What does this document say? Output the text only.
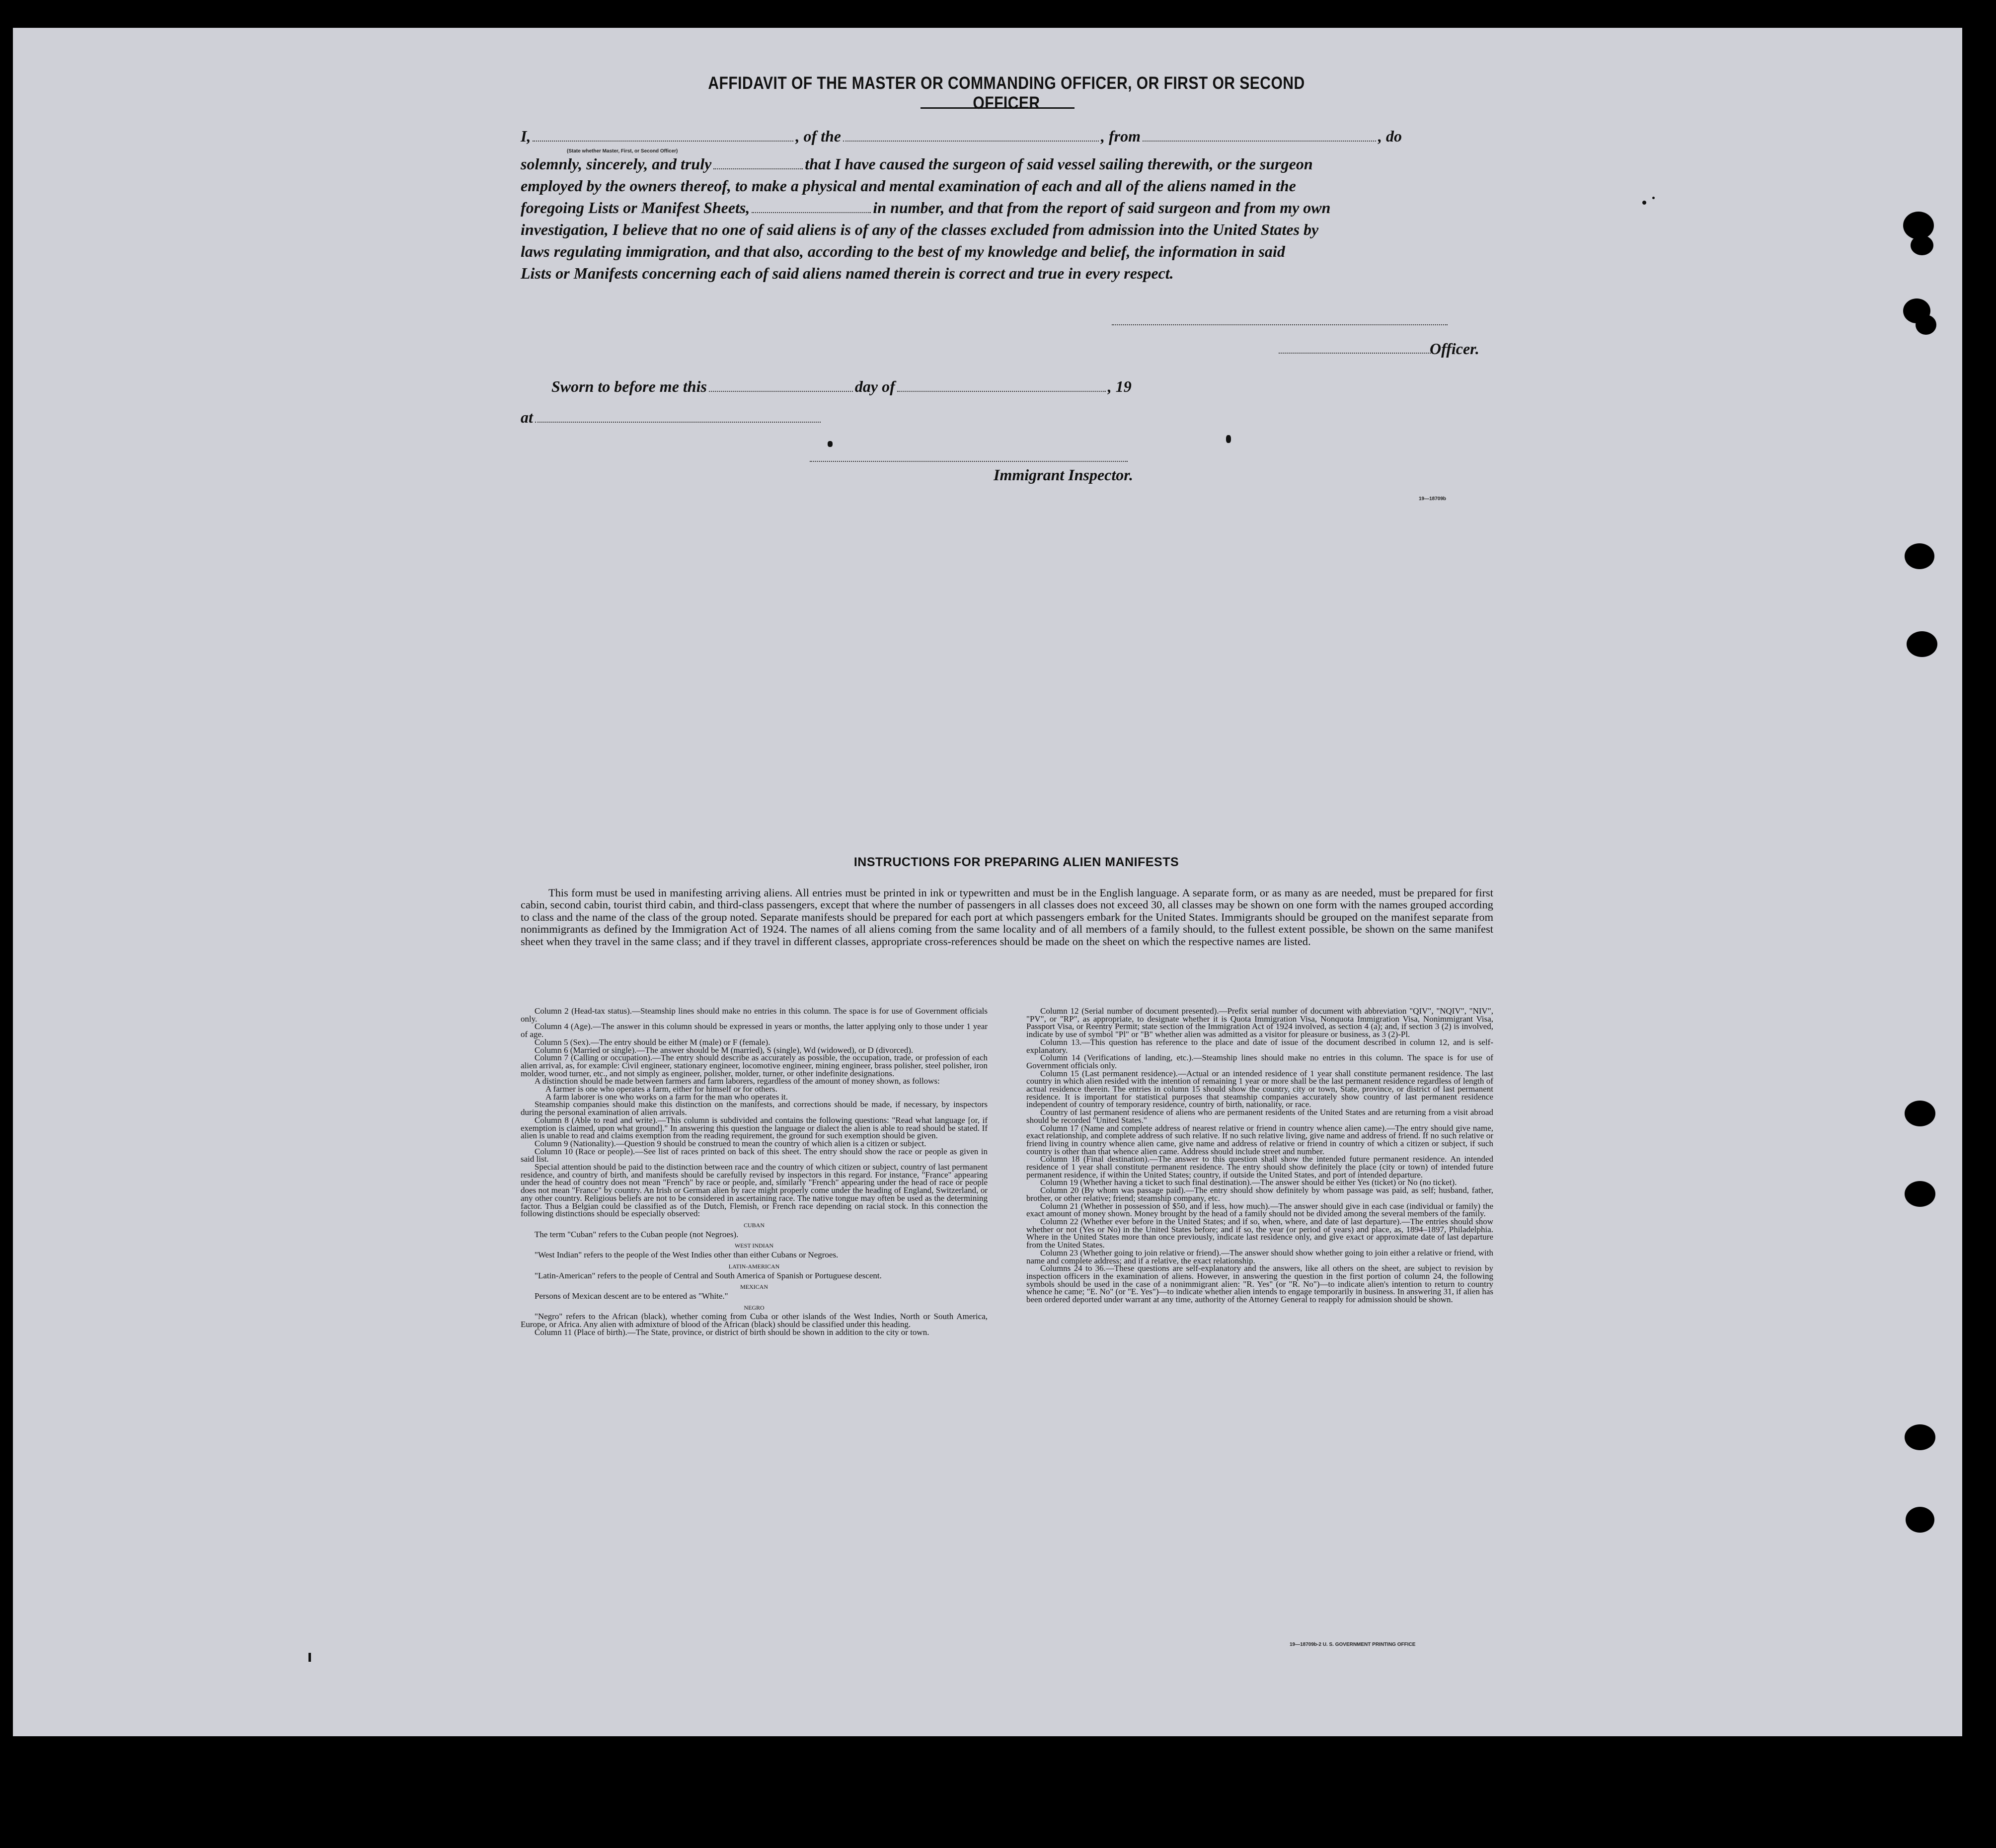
AFFIDAVIT OF THE MASTER OR COMMANDING OFFICER, OR FIRST OR SECOND OFFICER
I,	, of the	, from	, do
(State whether Master, First, or Second Officer)
solemnly, sincerely, and truly	that I have caused the surgeon of said vessel sailing therewith, or the surgeon
employed by the owners thereof, to make a physical and mental examination of each and all of the aliens named in the
foregoing Lists or Manifest Sheets,	in number, and that from the report of said surgeon and from my own
investigation, I believe that no one of said aliens is of any of the classes excluded from admission into the United States by
laws regulating immigration, and that also, according to the best of my knowledge and belief, the information in said
Lists or Manifests concerning each of said aliens named therein is correct and true in every respect.
Officer.
Sworn to before me this	day of	, 19
at
Immigrant Inspector.
19—18709b
INSTRUCTIONS FOR PREPARING ALIEN MANIFESTS
This form must be used in manifesting arriving aliens. All entries must be printed in ink or typewritten and must be in the English language. A separate form, or as many as are needed, must be prepared for first cabin, second cabin, tourist third cabin, and third-class passengers, except that where the number of passengers in all classes does not exceed 30, all classes may be shown on one form with the names grouped according to class and the name of the class of the group noted. Separate manifests should be prepared for each port at which passengers embark for the United States. Immigrants should be grouped on the manifest separate from nonimmigrants as defined by the Immigration Act of 1924. The names of all aliens coming from the same locality and of all members of a family should, to the fullest extent possible, be shown on the same manifest sheet when they travel in the same class; and if they travel in different classes, appropriate cross-references should be made on the sheet on which the respective names are listed.

Column 2 (Head-tax status).—Steamship lines should make no entries in this column. The space is for use of Government officials only.

Column 4 (Age).—The answer in this column should be expressed in years or months, the latter applying only to those under 1 year of age.

Column 5 (Sex).—The entry should be either M (male) or F (female).

Column 6 (Married or single).—The answer should be M (married), S (single), Wd (widowed), or D (divorced).

Column 7 (Calling or occupation).—The entry should describe as accurately as possible, the occupation, trade, or profession of each alien arrival, as, for example: Civil engineer, stationary engineer, locomotive engineer, mining engineer, brass polisher, steel polisher, iron molder, wood turner, etc., and not simply as engineer, polisher, molder, turner, or other indefinite designations.

A distinction should be made between farmers and farm laborers, regardless of the amount of money shown, as follows:

A farmer is one who operates a farm, either for himself or for others.

A farm laborer is one who works on a farm for the man who operates it.

Steamship companies should make this distinction on the manifests, and corrections should be made, if necessary, by inspectors during the personal examination of alien arrivals.

Column 8 (Able to read and write).—This column is subdivided and contains the following questions: "Read what language [or, if exemption is claimed, upon what ground]." In answering this question the language or dialect the alien is able to read should be stated. If alien is unable to read and claims exemption from the reading requirement, the ground for such exemption should be given.

Column 9 (Nationality).—Question 9 should be construed to mean the country of which alien is a citizen or subject.

Column 10 (Race or people).—See list of races printed on back of this sheet. The entry should show the race or people as given in said list.

Special attention should be paid to the distinction between race and the country of which citizen or subject, country of last permanent residence, and country of birth, and manifests should be carefully revised by inspectors in this regard. For instance, "France" appearing under the head of country does not mean "French" by race or people, and, similarly "French" appearing under the head of race or people does not mean "France" by country. An Irish or German alien by race might properly come under the heading of England, Switzerland, or any other country. Religious beliefs are not to be considered in ascertaining race. The native tongue may often be used as the determining factor. Thus a Belgian could be classified as of the Dutch, Flemish, or French race depending on racial stock. In this connection the following distinctions should be especially observed:

CUBAN

The term "Cuban" refers to the Cuban people (not Negroes).

WEST INDIAN

"West Indian" refers to the people of the West Indies other than either Cubans or Negroes.

LATIN-AMERICAN

"Latin-American" refers to the people of Central and South America of Spanish or Portuguese descent.

MEXICAN

Persons of Mexican descent are to be entered as "White."

NEGRO

"Negro" refers to the African (black), whether coming from Cuba or other islands of the West Indies, North or South America, Europe, or Africa. Any alien with admixture of blood of the African (black) should be classified under this heading.

Column 11 (Place of birth).—The State, province, or district of birth should be shown in addition to the city or town.

Column 12 (Serial number of document presented).—Prefix serial number of document with abbreviation "QIV", "NQIV", "NIV", "PV", or "RP", as appropriate, to designate whether it is Quota Immigration Visa, Nonquota Immigration Visa, Nonimmigrant Visa, Passport Visa, or Reentry Permit; state section of the Immigration Act of 1924 involved, as section 4 (a); and, if section 3 (2) is involved, indicate by use of symbol "Pl" or "B" whether alien was admitted as a visitor for pleasure or business, as 3 (2)-Pl.

Column 13.—This question has reference to the place and date of issue of the document described in column 12, and is self-explanatory.

Column 14 (Verifications of landing, etc.).—Steamship lines should make no entries in this column. The space is for use of Government officials only.

Column 15 (Last permanent residence).—Actual or an intended residence of 1 year shall constitute permanent residence. The last country in which alien resided with the intention of remaining 1 year or more shall be the last permanent residence regardless of length of actual residence therein. The entries in column 15 should show the country, city or town, State, province, or district of last permanent residence. It is important for statistical purposes that steamship companies accurately show country of last permanent residence independent of country of temporary residence, country of birth, nationality, or race.

Country of last permanent residence of aliens who are permanent residents of the United States and are returning from a visit abroad should be recorded "United States."

Column 17 (Name and complete address of nearest relative or friend in country whence alien came).—The entry should give name, exact relationship, and complete address of such relative. If no such relative living, give name and address of friend. If no such relative or friend living in country whence alien came, give name and address of relative or friend in country of which a citizen or subject, if such country is other than that whence alien came. Address should include street and number.

Column 18 (Final destination).—The answer to this question shall show the intended future permanent residence. An intended residence of 1 year shall constitute permanent residence. The entry should show definitely the place (city or town) of intended future permanent residence, if within the United States; country, if outside the United States, and port of intended departure.

Column 19 (Whether having a ticket to such final destination).—The answer should be either Yes (ticket) or No (no ticket).

Column 20 (By whom was passage paid).—The entry should show definitely by whom passage was paid, as self; husband, father, brother, or other relative; friend; steamship company, etc.

Column 21 (Whether in possession of $50, and if less, how much).—The answer should give in each case (individual or family) the exact amount of money shown. Money brought by the head of a family should not be divided among the several members of the family.

Column 22 (Whether ever before in the United States; and if so, when, where, and date of last departure).—The entries should show whether or not (Yes or No) in the United States before; and if so, the year (or period of years) and place, as, 1894–1897, Philadelphia. Where in the United States more than once previously, indicate last residence only, and give exact or approximate date of last departure from the United States.

Column 23 (Whether going to join relative or friend).—The answer should show whether going to join either a relative or friend, with name and complete address; and if a relative, the exact relationship.

Columns 24 to 36.—These questions are self-explanatory and the answers, like all others on the sheet, are subject to revision by inspection officers in the examination of aliens. However, in answering the question in the first portion of column 24, the following symbols should be used in the case of a nonimmigrant alien: "R. Yes" (or "R. No")—to indicate alien's intention to return to country whence he came; "E. No" (or "E. Yes")—to indicate whether alien intends to engage temporarily in business. In answering 31, if alien has been ordered deported under warrant at any time, authority of the Attorney General to reapply for admission should be shown.

19—18709b-2 U. S. GOVERNMENT PRINTING OFFICE
